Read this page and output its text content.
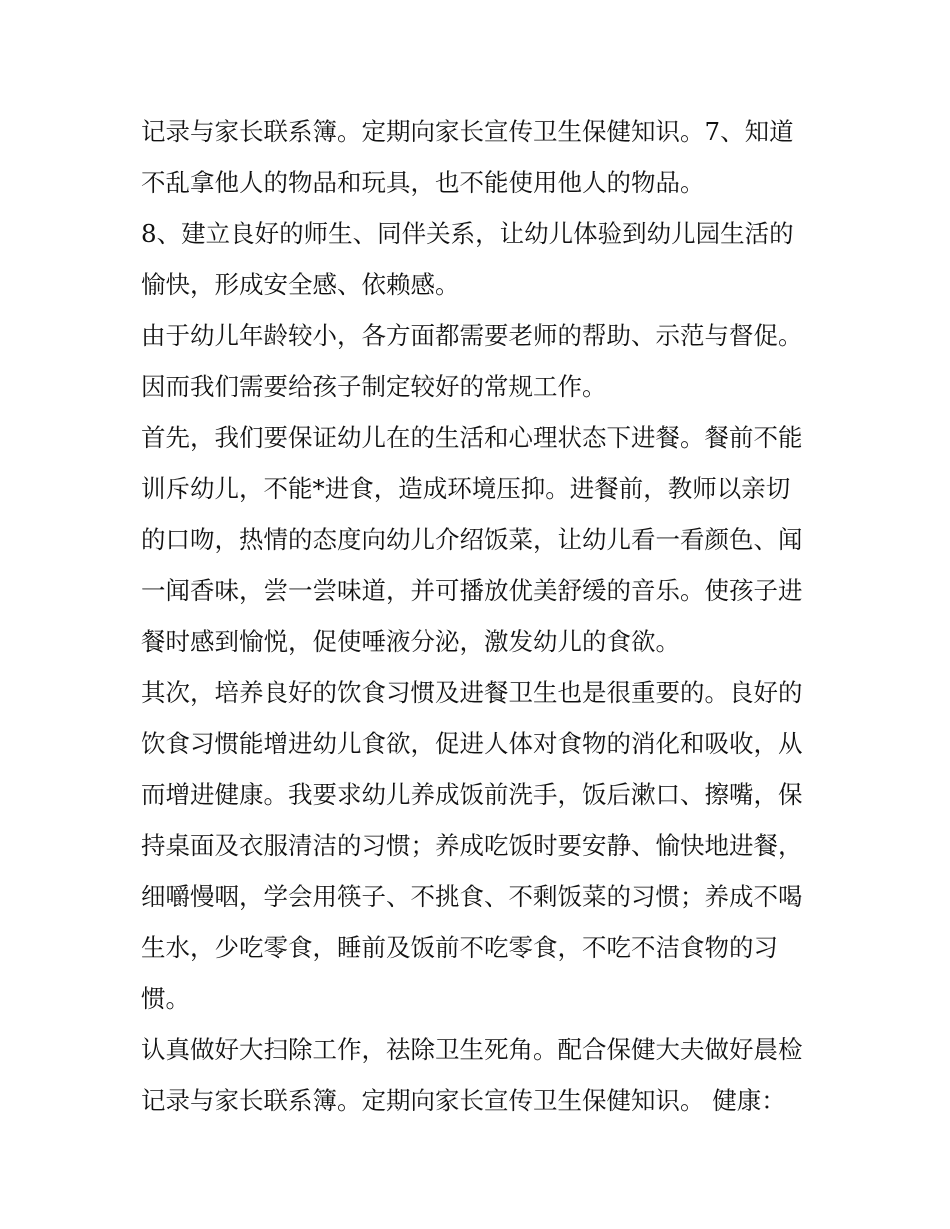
记录与家长联系簿。定期向家长宣传卫生保健知识。7、知道
不乱拿他人的物品和玩具，也不能使用他人的物品。
8、建立良好的师生、同伴关系，让幼儿体验到幼儿园生活的
愉快，形成安全感、依赖感。
由于幼儿年龄较小，各方面都需要老师的帮助、示范与督促。
因而我们需要给孩子制定较好的常规工作。
首先，我们要保证幼儿在的生活和心理状态下进餐。餐前不能
训斥幼儿，不能*进食，造成环境压抑。进餐前，教师以亲切
的口吻，热情的态度向幼儿介绍饭菜，让幼儿看一看颜色、闻
一闻香味，尝一尝味道，并可播放优美舒缓的音乐。使孩子进
餐时感到愉悦，促使唾液分泌，激发幼儿的食欲。
其次，培养良好的饮食习惯及进餐卫生也是很重要的。良好的
饮食习惯能增进幼儿食欲，促进人体对食物的消化和吸收，从
而增进健康。我要求幼儿养成饭前洗手，饭后漱口、擦嘴，保
持桌面及衣服清洁的习惯；养成吃饭时要安静、愉快地进餐，
细嚼慢咽，学会用筷子、不挑食、不剩饭菜的习惯；养成不喝
生水，少吃零食，睡前及饭前不吃零食，不吃不洁食物的习
惯。
认真做好大扫除工作，祛除卫生死角。配合保健大夫做好晨检
记录与家长联系簿。定期向家长宣传卫生保健知识。 健康：
